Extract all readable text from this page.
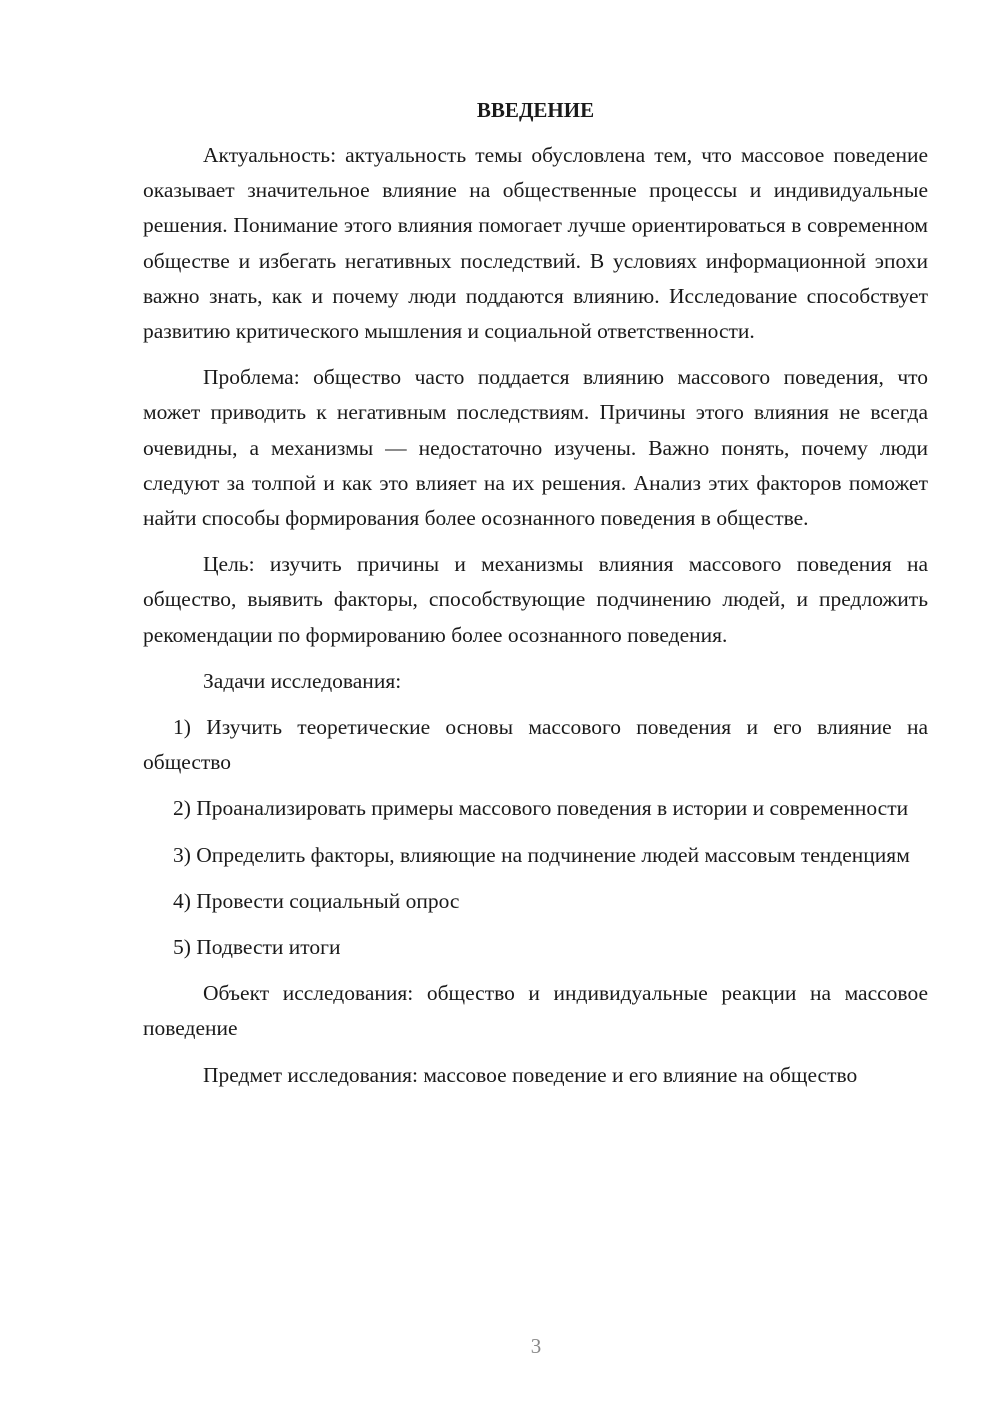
ВВЕДЕНИЕ

Актуальность: актуальность темы обусловлена тем, что массовое поведение оказывает значительное влияние на общественные процессы и индивидуальные решения. Понимание этого влияния помогает лучше ориентироваться в современном обществе и избегать негативных последствий. В условиях информационной эпохи важно знать, как и почему люди поддаются влиянию. Исследование способствует развитию критического мышления и социальной ответственности.

Проблема: общество часто поддается влиянию массового поведения, что может приводить к негативным последствиям. Причины этого влияния не всегда очевидны, а механизмы — недостаточно изучены. Важно понять, почему люди следуют за толпой и как это влияет на их решения. Анализ этих факторов поможет найти способы формирования более осознанного поведения в обществе.

Цель: изучить причины и механизмы влияния массового поведения на общество, выявить факторы, способствующие подчинению людей, и предложить рекомендации по формированию более осознанного поведения.

Задачи исследования:

1) Изучить теоретические основы массового поведения и его влияние на общество

2) Проанализировать примеры массового поведения в истории и современности

3) Определить факторы, влияющие на подчинение людей массовым тенденциям

4) Провести социальный опрос

5) Подвести итоги

Объект исследования: общество и индивидуальные реакции на массовое поведение

Предмет исследования: массовое поведение и его влияние на общество

3
